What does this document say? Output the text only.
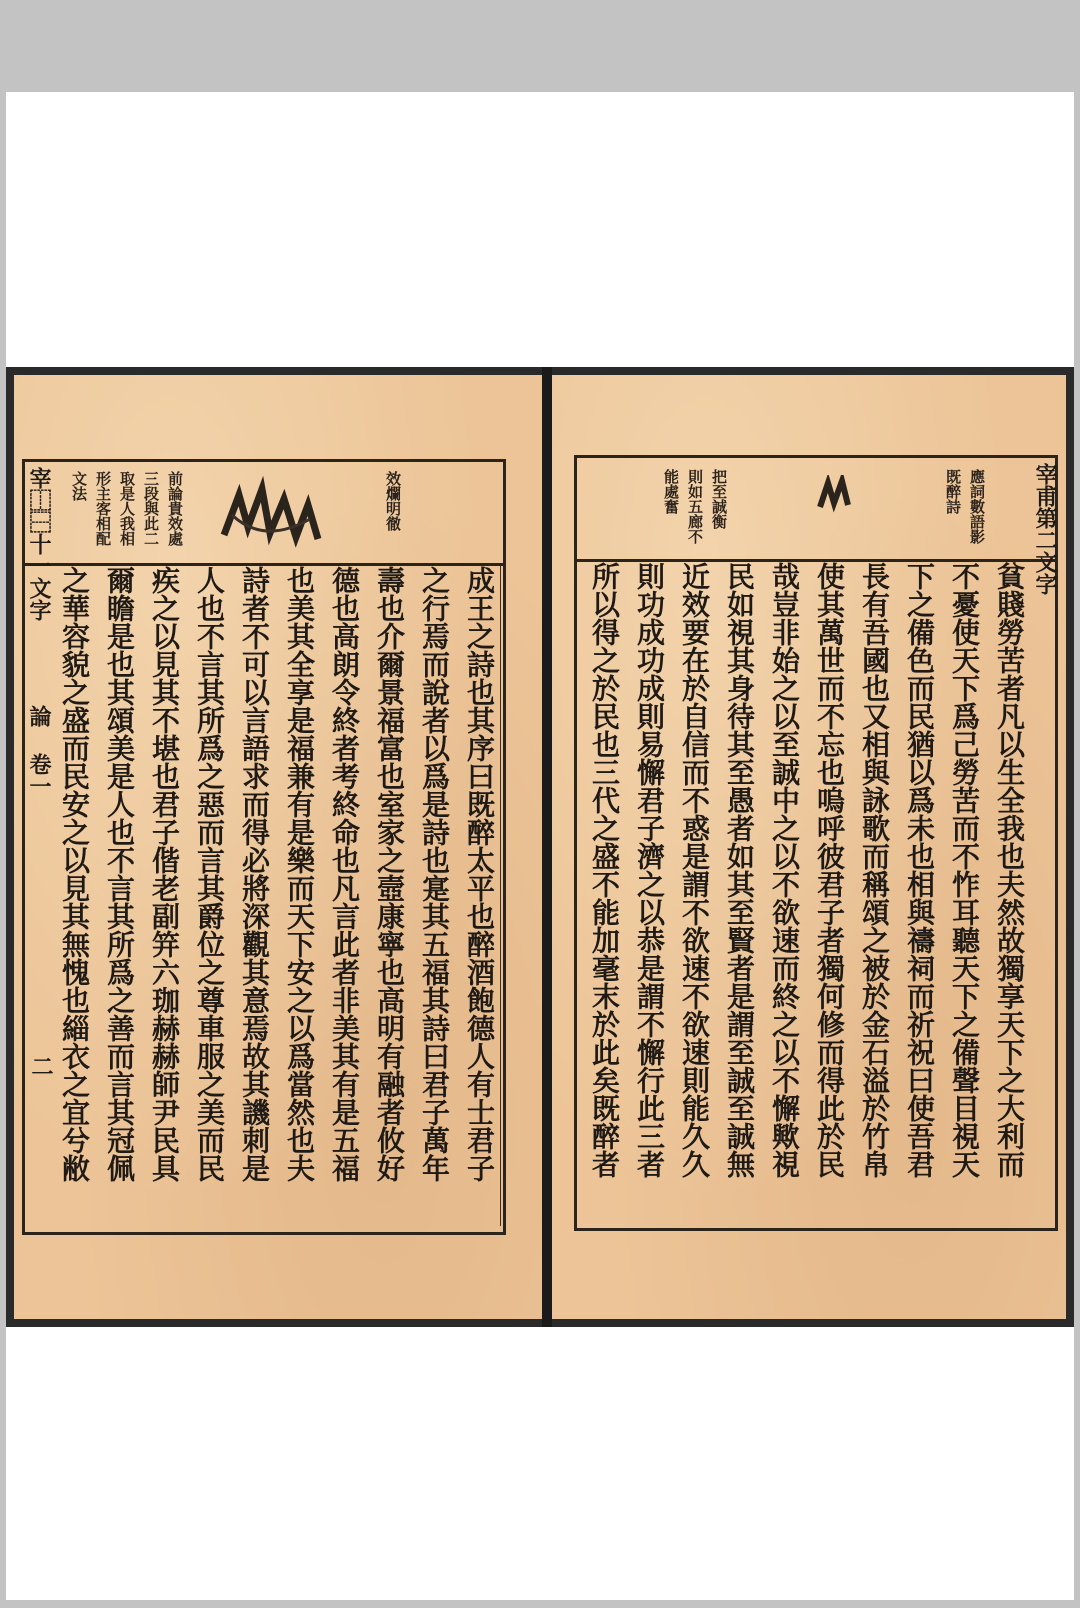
宰⿰⿱⼗一文字
論 卷一
二
文法 形主客相配 取是人我相 三段與此二 前論貴效處	效爛明徹
成王之詩也其序曰既醉太平也醉酒飽德人有士君子
之行焉而說者以爲是詩也寔其五福其詩曰君子萬年
壽也介爾景福富也室家之壼康寧也高明有融者攸好
德也高朗令終者考終命也凡言此者非美其有是五福
也美其全享是福兼有是樂而天下安之以爲當然也夫
詩者不可以言語求而得必將深觀其意焉故其譏刺是
人也不言其所爲之惡而言其爵位之尊車服之美而民
疾之以見其不堪也君子偕老副笄六珈赫赫師尹民具
爾瞻是也其頌美是人也不言其所爲之善而言其冠佩
之華容貌之盛而民安之以見其無愧也緇衣之宜兮敝
宰甫第二文字
能處奮 則如五廊不 把至誠衡	既醉詩 應詞數語影
貧賤勞苦者凡以生全我也夫然故獨享天下之大利而
不憂使天下爲己勞苦而不怍耳聽天下之備聲目視天
下之備色而民猶以爲未也相與禱祠而祈祝曰使吾君
長有吾國也又相與詠歌而稱頌之被於金石溢於竹帛
使其萬世而不忘也嗚呼彼君子者獨何修而得此於民
哉豈非始之以至誠中之以不欲速而終之以不懈歟視
民如視其身待其至愚者如其至賢者是謂至誠至誠無
近效要在於自信而不惑是謂不欲速不欲速則能久久
則功成功成則易懈君子濟之以恭是謂不懈行此三者
所以得之於民也三代之盛不能加毫末於此矣既醉者
